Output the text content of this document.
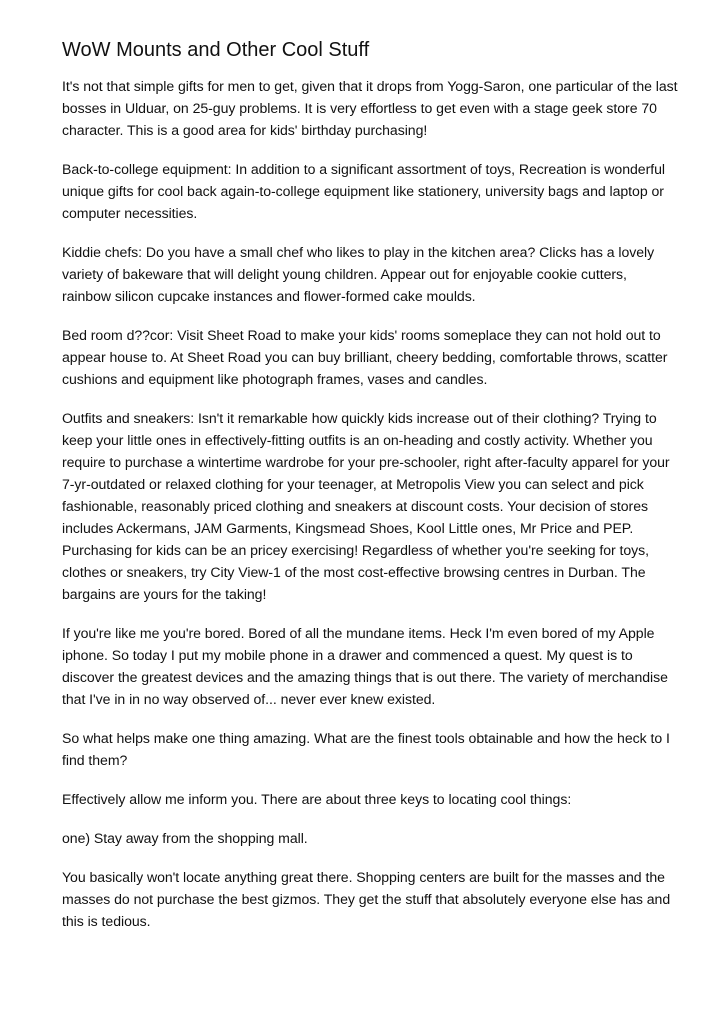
WoW Mounts and Other Cool Stuff

It's not that simple gifts for men to get, given that it drops from Yogg-Saron, one particular of the last bosses in Ulduar, on 25-guy problems. It is very effortless to get even with a stage geek store 70 character. This is a good area for kids' birthday purchasing!

Back-to-college equipment: In addition to a significant assortment of toys, Recreation is wonderful unique gifts for cool back again-to-college equipment like stationery, university bags and laptop or computer necessities.

Kiddie chefs: Do you have a small chef who likes to play in the kitchen area? Clicks has a lovely variety of bakeware that will delight young children. Appear out for enjoyable cookie cutters, rainbow silicon cupcake instances and flower-formed cake moulds.

Bed room d??cor: Visit Sheet Road to make your kids' rooms someplace they can not hold out to appear house to. At Sheet Road you can buy brilliant, cheery bedding, comfortable throws, scatter cushions and equipment like photograph frames, vases and candles.

Outfits and sneakers: Isn't it remarkable how quickly kids increase out of their clothing? Trying to keep your little ones in effectively-fitting outfits is an on-heading and costly activity. Whether you require to purchase a wintertime wardrobe for your pre-schooler, right after-faculty apparel for your 7-yr-outdated or relaxed clothing for your teenager, at Metropolis View you can select and pick fashionable, reasonably priced clothing and sneakers at discount costs. Your decision of stores includes Ackermans, JAM Garments, Kingsmead Shoes, Kool Little ones, Mr Price and PEP. Purchasing for kids can be an pricey exercising! Regardless of whether you're seeking for toys, clothes or sneakers, try City View-1 of the most cost-effective browsing centres in Durban. The bargains are yours for the taking!

If you're like me you're bored. Bored of all the mundane items. Heck I'm even bored of my Apple iphone. So today I put my mobile phone in a drawer and commenced a quest. My quest is to discover the greatest devices and the amazing things that is out there. The variety of merchandise that I've in in no way observed of... never ever knew existed.

So what helps make one thing amazing. What are the finest tools obtainable and how the heck to I find them?

Effectively allow me inform you. There are about three keys to locating cool things:

one) Stay away from the shopping mall.

You basically won't locate anything great there. Shopping centers are built for the masses and the masses do not purchase the best gizmos. They get the stuff that absolutely everyone else has and this is tedious.
